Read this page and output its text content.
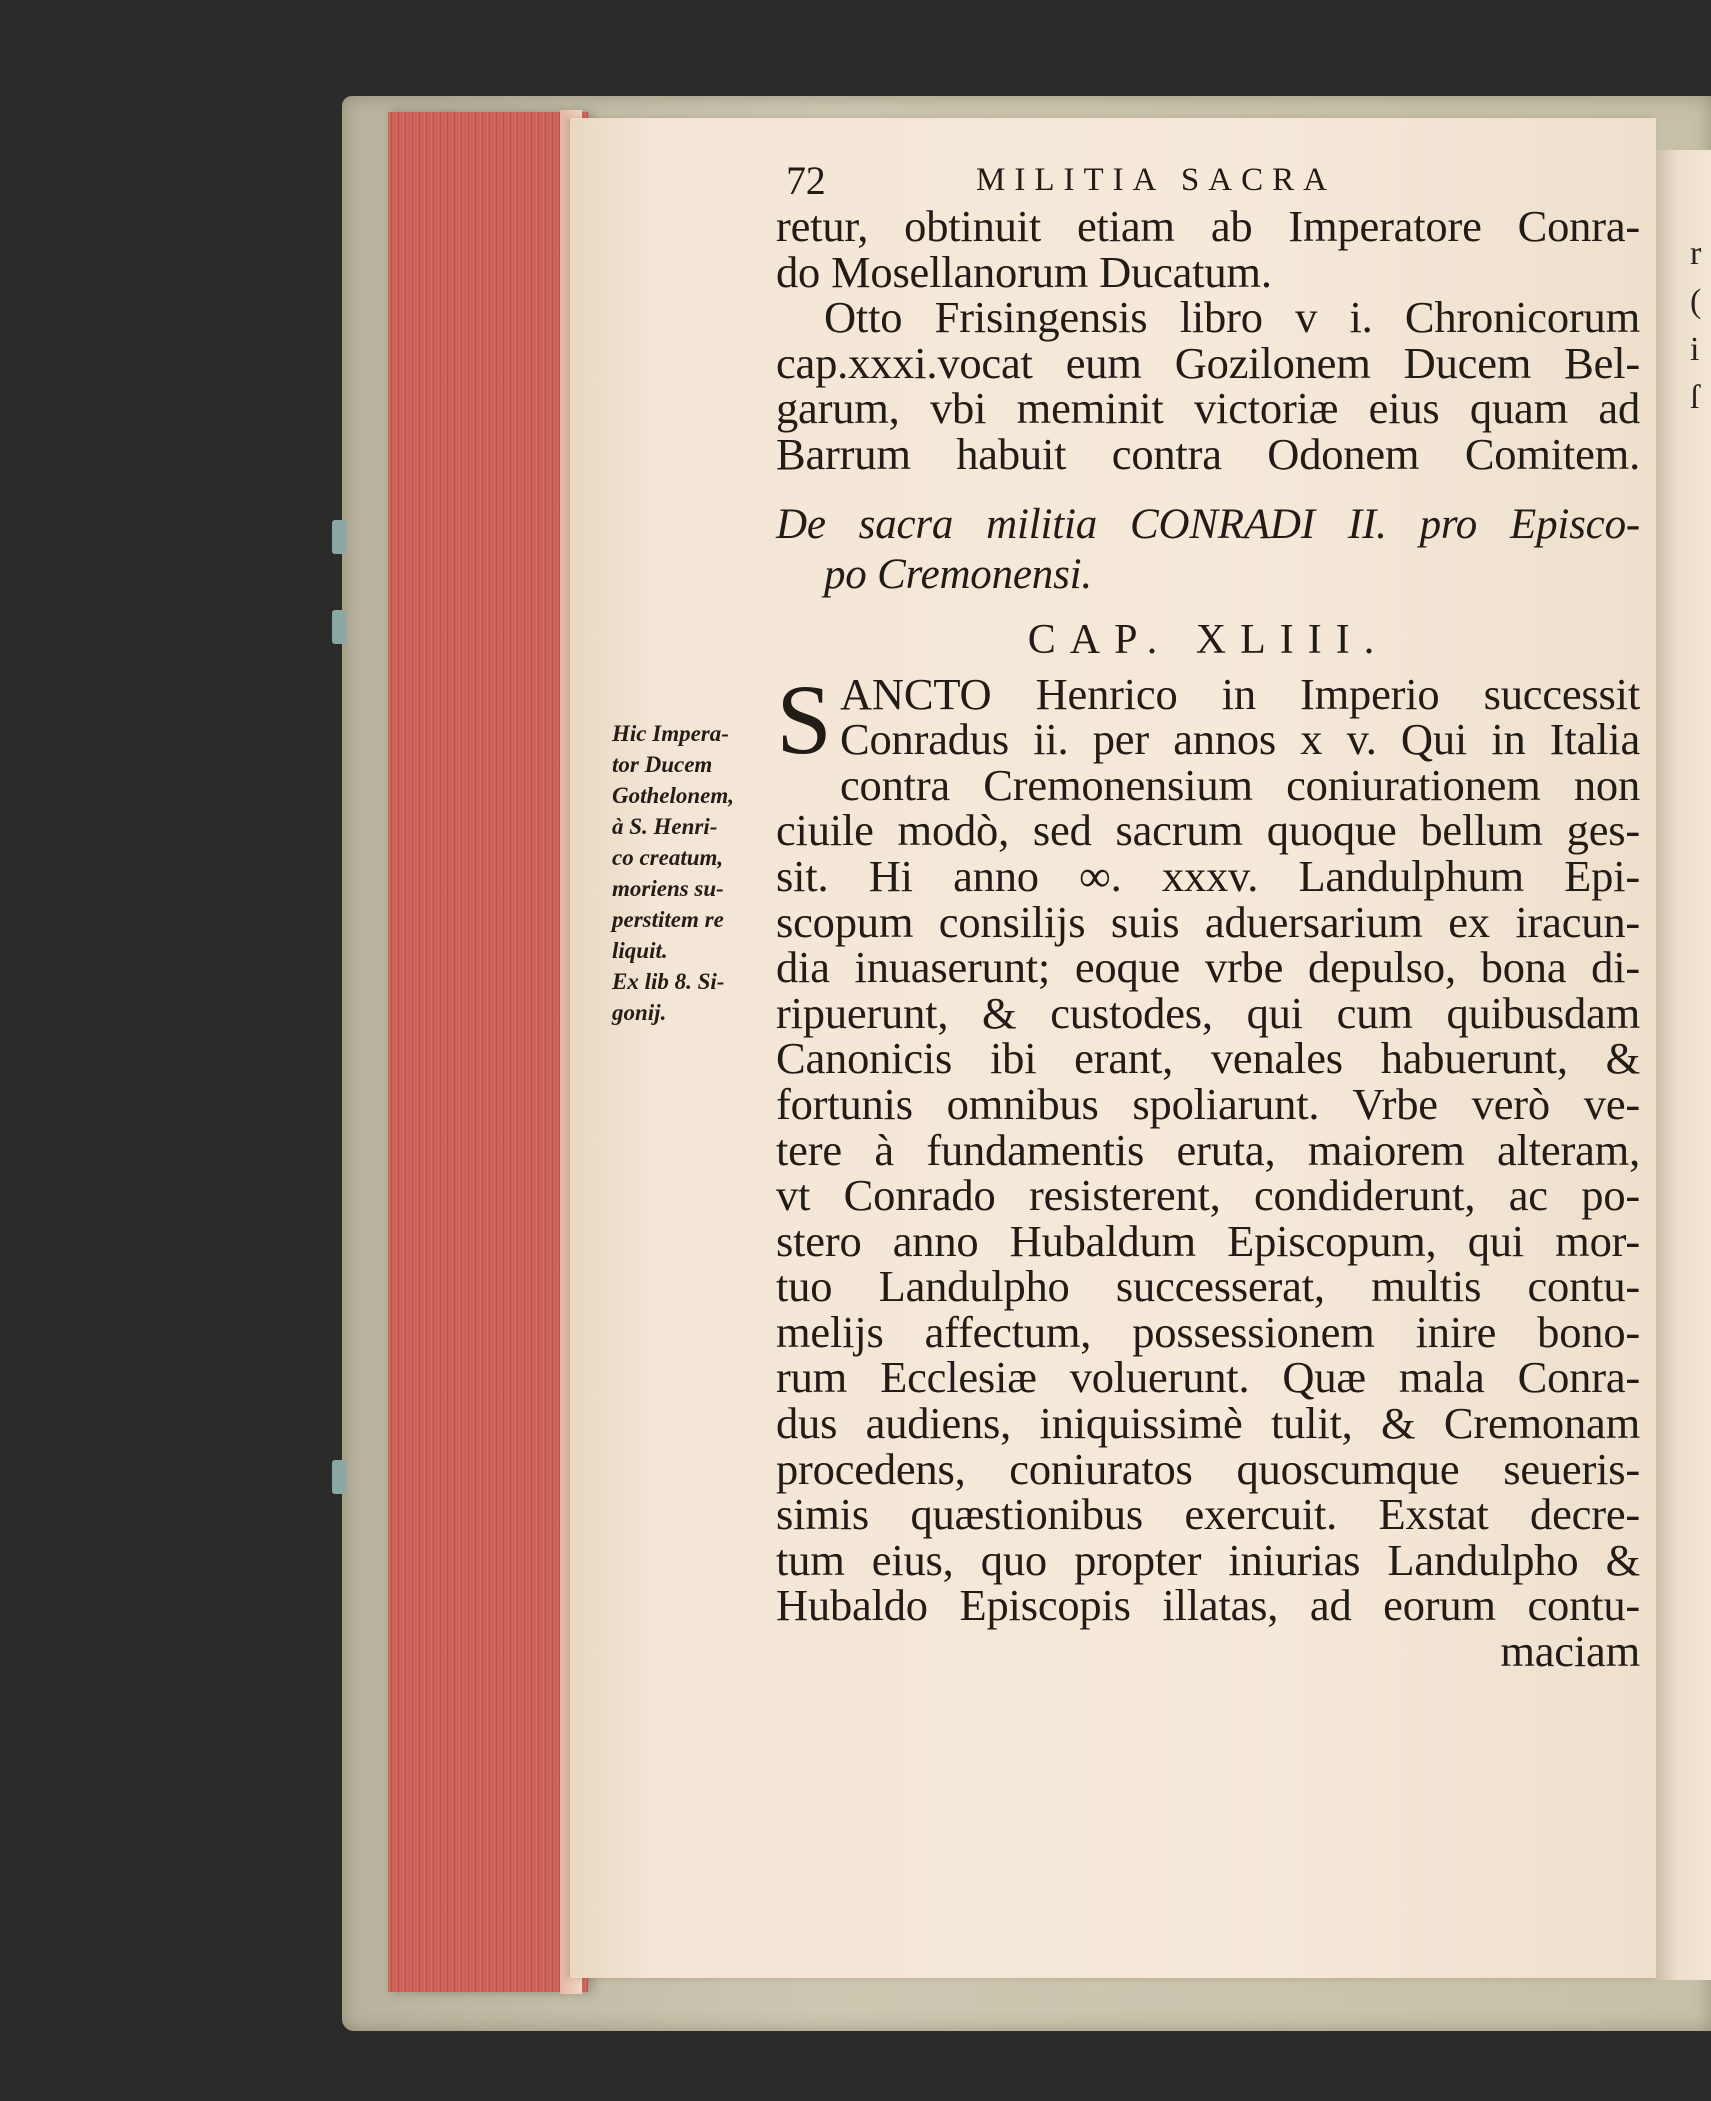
r
(
i
ſ
Hic Impera-
tor Ducem
Gothelonem,
à S. Henri-
co creatum,
moriens su-
perstitem re
liquit.
Ex lib 8. Si-
gonij.
72	MILITIA SACRA
retur, obtinuit etiam ab Imperatore Conra-
do Mosellanorum Ducatum.
Otto Frisingensis libro v i. Chronicorum
cap.xxxi.vocat eum Gozilonem Ducem Bel-
garum, vbi meminit victoriæ eius quam ad
Barrum habuit contra Odonem Comitem.
De sacra militia CONRADI II. pro Episco-
po Cremonensi.
CAP. XLIII.
S ANCTO Henrico in Imperio successit
Conradus ii. per annos x v. Qui in Italia
contra Cremonensium coniurationem non
ciuile modò, sed sacrum quoque bellum ges-
sit. Hi anno ∞. xxxv. Landulphum Epi-
scopum consilijs suis aduersarium ex iracun-
dia inuaserunt; eoque vrbe depulso, bona di-
ripuerunt, & custodes, qui cum quibusdam
Canonicis ibi erant, venales habuerunt, &
fortunis omnibus spoliarunt. Vrbe verò ve-
tere à fundamentis eruta, maiorem alteram,
vt Conrado resisterent, condiderunt, ac po-
stero anno Hubaldum Episcopum, qui mor-
tuo Landulpho successerat, multis contu-
melijs affectum, possessionem inire bono-
rum Ecclesiæ voluerunt. Quæ mala Conra-
dus audiens, iniquissimè tulit, & Cremonam
procedens, coniuratos quoscumque seueris-
simis quæstionibus exercuit. Exstat decre-
tum eius, quo propter iniurias Landulpho &
Hubaldo Episcopis illatas, ad eorum contu-
maciam
